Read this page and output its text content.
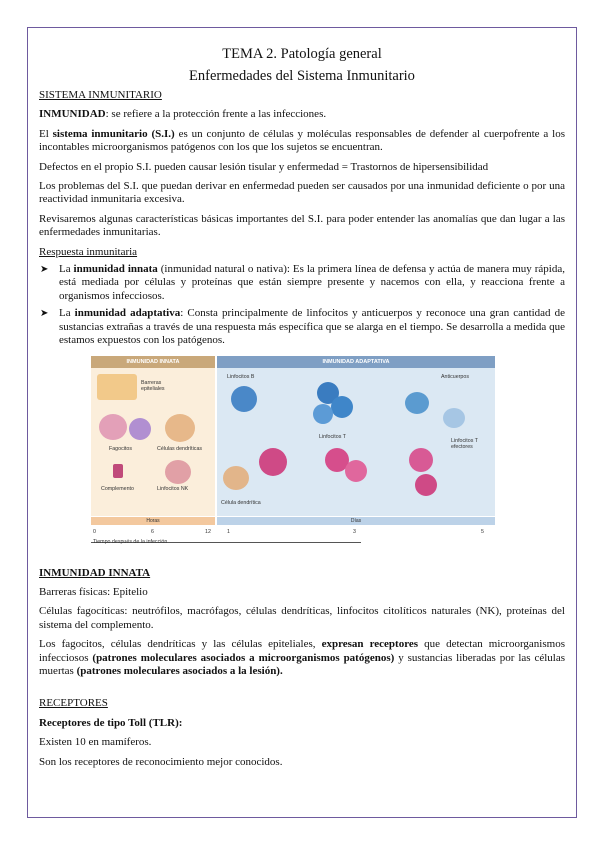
TEMA 2. Patología general
Enfermedades del Sistema Inmunitario

SISTEMA INMUNITARIO

INMUNIDAD: se refiere a la protección frente a las infecciones.

El sistema inmunitario (S.I.) es un conjunto de células y moléculas responsables de defender al cuerpofrente a los incontables microorganismos patógenos con los que los sujetos se encuentran.

Defectos en el propio S.I. pueden causar lesión tisular y enfermedad = Trastornos de hipersensibilidad

Los problemas del S.I. que puedan derivar en enfermedad pueden ser causados por una inmunidad deficiente o por una reactividad inmunitaria excesiva.

Revisaremos algunas características básicas importantes del S.I. para poder entender las anomalías que dan lugar a las enfermedades inmunitarias.

Respuesta inmunitaria

➤ La inmunidad innata (inmunidad natural o nativa): Es la primera línea de defensa y actúa de manera muy rápida, está mediada por células y proteínas que están siempre presente y nacemos con ella, y reacciona frente a organismos infecciosos.
➤ La inmunidad adaptativa: Consta principalmente de linfocitos y anticuerpos y reconoce una gran cantidad de sustancias extrañas a través de una respuesta más específica que se alarga en el tiempo. Se desarrolla a medida que estamos expuestos con los patógenos.
INMUNIDAD INNATA	INMUNIDAD ADAPTATIVA
Barreras epiteliales
Fagocitos	Células dendríticas
Complemento	Linfocitos NK
Linfocitos B	Anticuerpos
Linfocitos T
Linfocitos T efectores
Célula dendrítica
Horas	Días
0	6	12	1	3	5
Tiempo después de la infección

INMUNIDAD INNATA

Barreras físicas: Epitelio

Células fagocíticas: neutrófilos, macrófagos, células dendríticas, linfocitos citolíticos naturales (NK), proteínas del sistema del complemento.

Los fagocitos, células dendríticas y las células epiteliales, expresan receptores que detectan microorganismos infecciosos (patrones moleculares asociados a microorganismos patógenos) y sustancias liberadas por las células muertas (patrones moleculares asociados a la lesión).

RECEPTORES

Receptores de tipo Toll (TLR):

Existen 10 en mamíferos.

Son los receptores de reconocimiento mejor conocidos.
